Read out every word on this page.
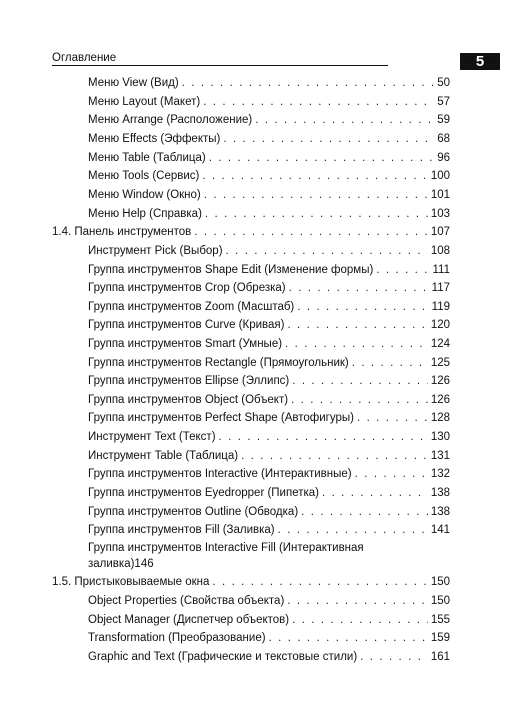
Оглавление	5
Меню View (Вид) . . .	50
Меню Layout (Макет) . . .	57
Меню Arrange (Расположение) . . .	59
Меню Effects (Эффекты) . . .	68
Меню Table (Таблица) . . .	96
Меню Tools (Сервис) . . .	100
Меню Window (Окно) . . .	101
Меню Help (Справка) . . .	103
1.4. Панель инструментов . . .	107
Инструмент Pick (Выбор) . . .	108
Группа инструментов Shape Edit (Изменение формы) . . .	111
Группа инструментов Crop (Обрезка) . . .	117
Группа инструментов Zoom (Масштаб) . . .	119
Группа инструментов Curve (Кривая) . . .	120
Группа инструментов Smart (Умные) . . .	124
Группа инструментов Rectangle (Прямоугольник) . . .	125
Группа инструментов Ellipse (Эллипс) . . .	126
Группа инструментов Object (Объект) . . .	126
Группа инструментов Perfect Shape (Автофигуры) . . .	128
Инструмент Text (Текст) . . .	130
Инструмент Table (Таблица) . . .	131
Группа инструментов Interactive (Интерактивные) . . .	132
Группа инструментов Eyedropper (Пипетка) . . .	138
Группа инструментов Outline (Обводка) . . .	138
Группа инструментов Fill (Заливка) . . .	141
Группа инструментов Interactive Fill (Интерактивная
заливка) 146
1.5. Пристыковываемые окна . . .	150
Object Properties (Свойства объекта) . . .	150
Object Manager (Диспетчер объектов) . . .	155
Transformation (Преобразование) . . .	159
Graphic and Text (Графические и текстовые стили) . . .	161
